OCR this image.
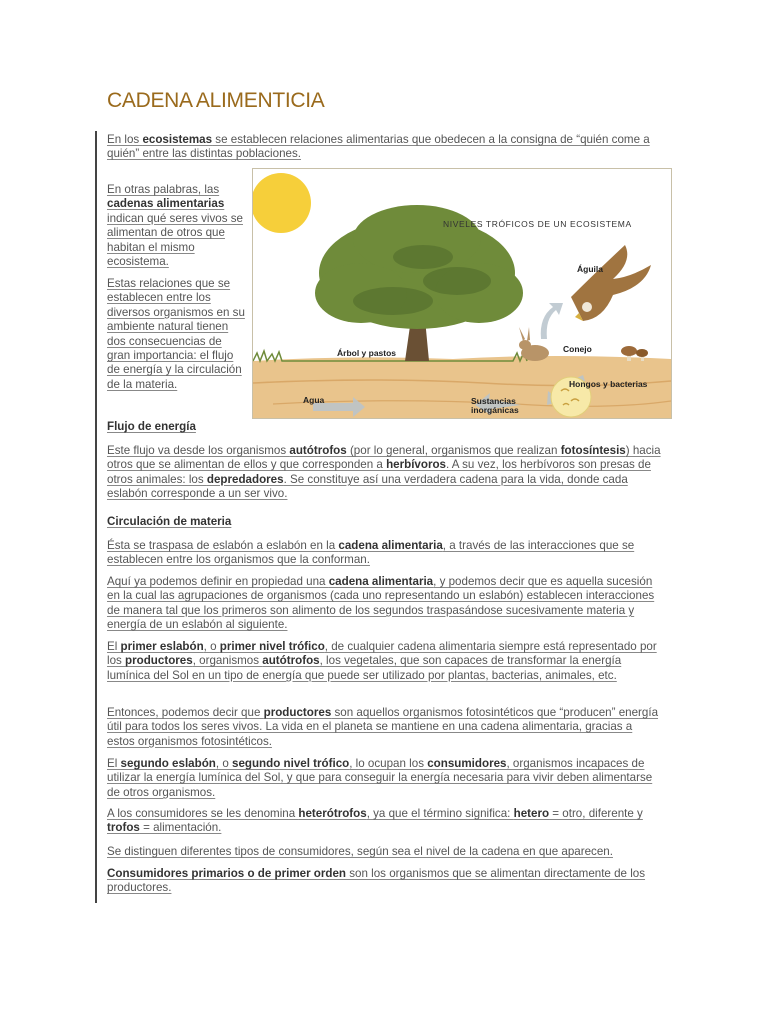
CADENA ALIMENTICIA

En los ecosistemas se establecen relaciones alimentarias que obedecen a la consigna de “quién come a quién” entre las distintas poblaciones.

En otras palabras, las cadenas alimentarias indican qué seres vivos se alimentan de otros que habitan el mismo ecosistema.

Estas relaciones que se establecen entre los diversos organismos en su ambiente natural tienen dos consecuencias de gran importancia: el flujo de energía y la circulación de la materia.

NIVELES TRÓFICOS DE UN ECOSISTEMA
Águila
Árbol y pastos	Conejo
Hongos y bacterias
Agua	Sustancias inorgánicas

Flujo de energía

Este flujo va desde los organismos autótrofos (por lo general, organismos que realizan fotosíntesis) hacia otros que se alimentan de ellos y que corresponden a herbívoros. A su vez, los herbívoros son presas de otros animales: los depredadores. Se constituye así una verdadera cadena para la vida, donde cada eslabón corresponde a un ser vivo.

Circulación de materia

Ésta se traspasa de eslabón a eslabón en la cadena alimentaria, a través de las interacciones que se establecen entre los organismos que la conforman.

Aquí ya podemos definir en propiedad una cadena alimentaria, y podemos decir que es aquella sucesión en la cual las agrupaciones de organismos (cada uno representando un eslabón) establecen interacciones de manera tal que los primeros son alimento de los segundos traspasándose sucesivamente materia y energía de un eslabón al siguiente.

El primer eslabón, o primer nivel trófico, de cualquier cadena alimentaria siempre está representado por los productores, organismos autótrofos, los vegetales, que son capaces de transformar la energía lumínica del Sol en un tipo de energía que puede ser utilizado por plantas, bacterias, animales, etc.

Entonces, podemos decir que productores son aquellos organismos fotosintéticos que “producen” energía útil para todos los seres vivos. La vida en el planeta se mantiene en una cadena alimentaria, gracias a estos organismos fotosintéticos.

El segundo eslabón, o segundo nivel trófico, lo ocupan los consumidores, organismos incapaces de utilizar la energía lumínica del Sol, y que para conseguir la energía necesaria para vivir deben alimentarse de otros organismos.

A los consumidores se les denomina heterótrofos, ya que el término significa: hetero = otro, diferente y trofos = alimentación.

Se distinguen diferentes tipos de consumidores, según sea el nivel de la cadena en que aparecen.

Consumidores primarios o de primer orden son los organismos que se alimentan directamente de los productores.
